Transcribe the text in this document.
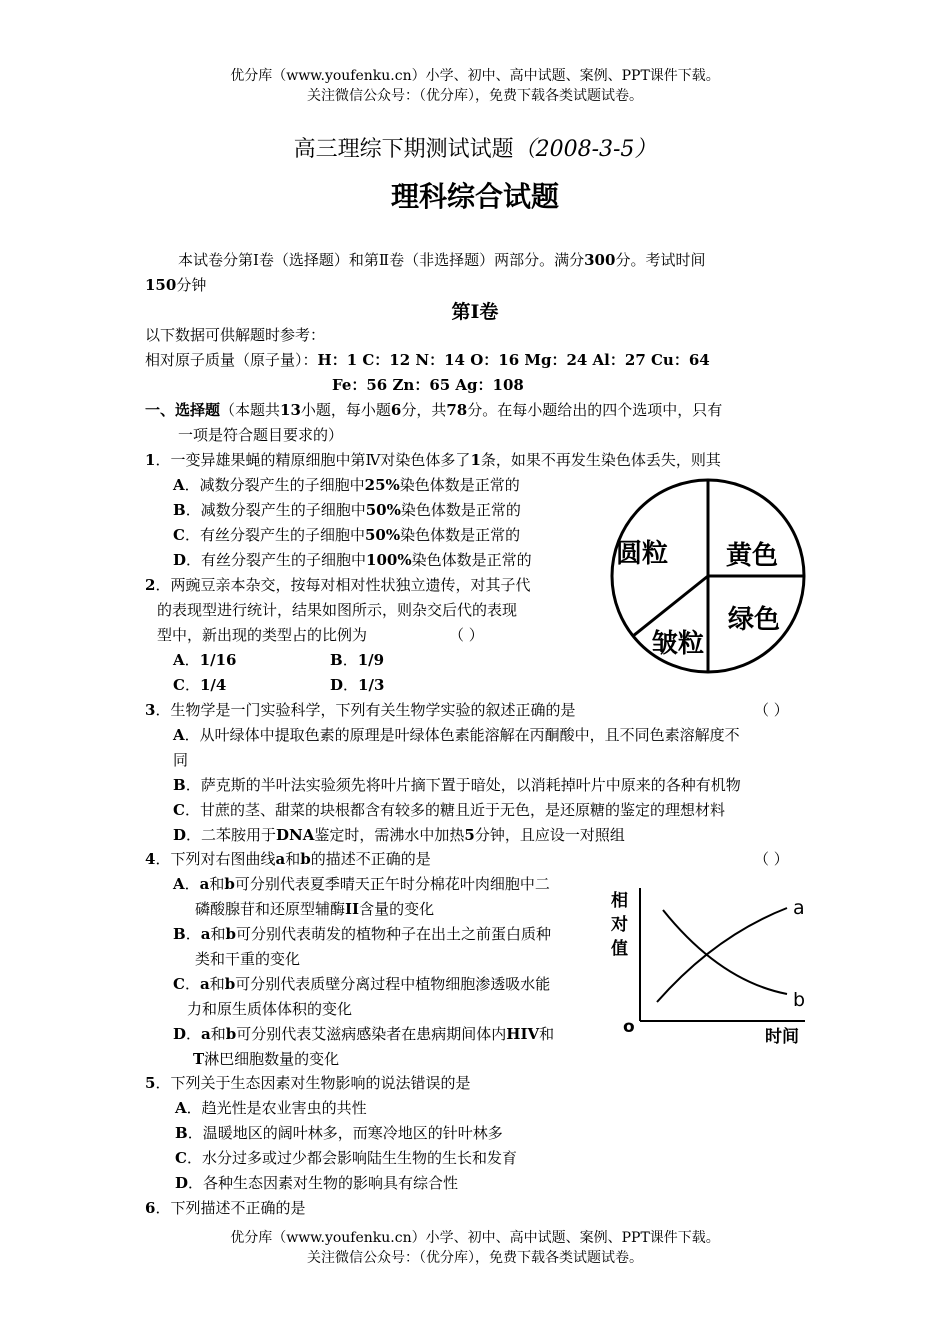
优分库（www.youfenku.cn）小学、初中、高中试题、案例、PPT课件下载。
关注微信公众号：（优分库），免费下载各类试题试卷。
高三理综下期测试试题（2008-3-5）
理科综合试题
本试卷分第Ⅰ卷（选择题）和第Ⅱ卷（非选择题）两部分。满分300分。考试时间
150分钟
第Ⅰ卷
以下数据可供解题时参考：
相对原子质量（原子量）：H：1 C：12 N：14 O：16 Mg：24 Al：27 Cu：64
Fe：56 Zn：65 Ag：108
一、选择题（本题共13小题，每小题6分，共78分。在每小题给出的四个选项中，只有
一项是符合题目要求的）
1．一变异雄果蝇的精原细胞中第Ⅳ对染色体多了1条，如果不再发生染色体丢失，则其
A．减数分裂产生的子细胞中25%染色体数是正常的
B．减数分裂产生的子细胞中50%染色体数是正常的
C．有丝分裂产生的子细胞中50%染色体数是正常的
D．有丝分裂产生的子细胞中100%染色体数是正常的
2．两豌豆亲本杂交，按每对相对性状独立遗传，对其子代
的表现型进行统计，结果如图所示，则杂交后代的表现
型中，新出现的类型占的比例为	（ ）
A．1/16	B．1/9
C．1/4	D．1/3
圆粒 黄色
绿色
皱粒
3．生物学是一门实验科学，下列有关生物学实验的叙述正确的是	（ ）
A．从叶绿体中提取色素的原理是叶绿体色素能溶解在丙酮酸中，且不同色素溶解度不
同
B．萨克斯的半叶法实验须先将叶片摘下置于暗处，以消耗掉叶片中原来的各种有机物
C．甘蔗的茎、甜菜的块根都含有较多的糖且近于无色，是还原糖的鉴定的理想材料
D．二苯胺用于DNA鉴定时，需沸水中加热5分钟，且应设一对照组
4．下列对右图曲线a和b的描述不正确的是	（ ）
A．a和b可分别代表夏季晴天正午时分棉花叶肉细胞中二
磷酸腺苷和还原型辅酶II含量的变化
B．a和b可分别代表萌发的植物种子在出土之前蛋白质种
类和干重的变化
C．a和b可分别代表质壁分离过程中植物细胞渗透吸水能
力和原生质体体积的变化
D．a和b可分别代表艾滋病感染者在患病期间体内HIV和
T淋巴细胞数量的变化
相
对
值
o	时间
a
b
5．下列关于生态因素对生物影响的说法错误的是
A．趋光性是农业害虫的共性
B．温暖地区的阔叶林多，而寒冷地区的针叶林多
C．水分过多或过少都会影响陆生生物的生长和发育
D．各种生态因素对生物的影响具有综合性
6．下列描述不正确的是
优分库（www.youfenku.cn）小学、初中、高中试题、案例、PPT课件下载。
关注微信公众号：（优分库），免费下载各类试题试卷。
